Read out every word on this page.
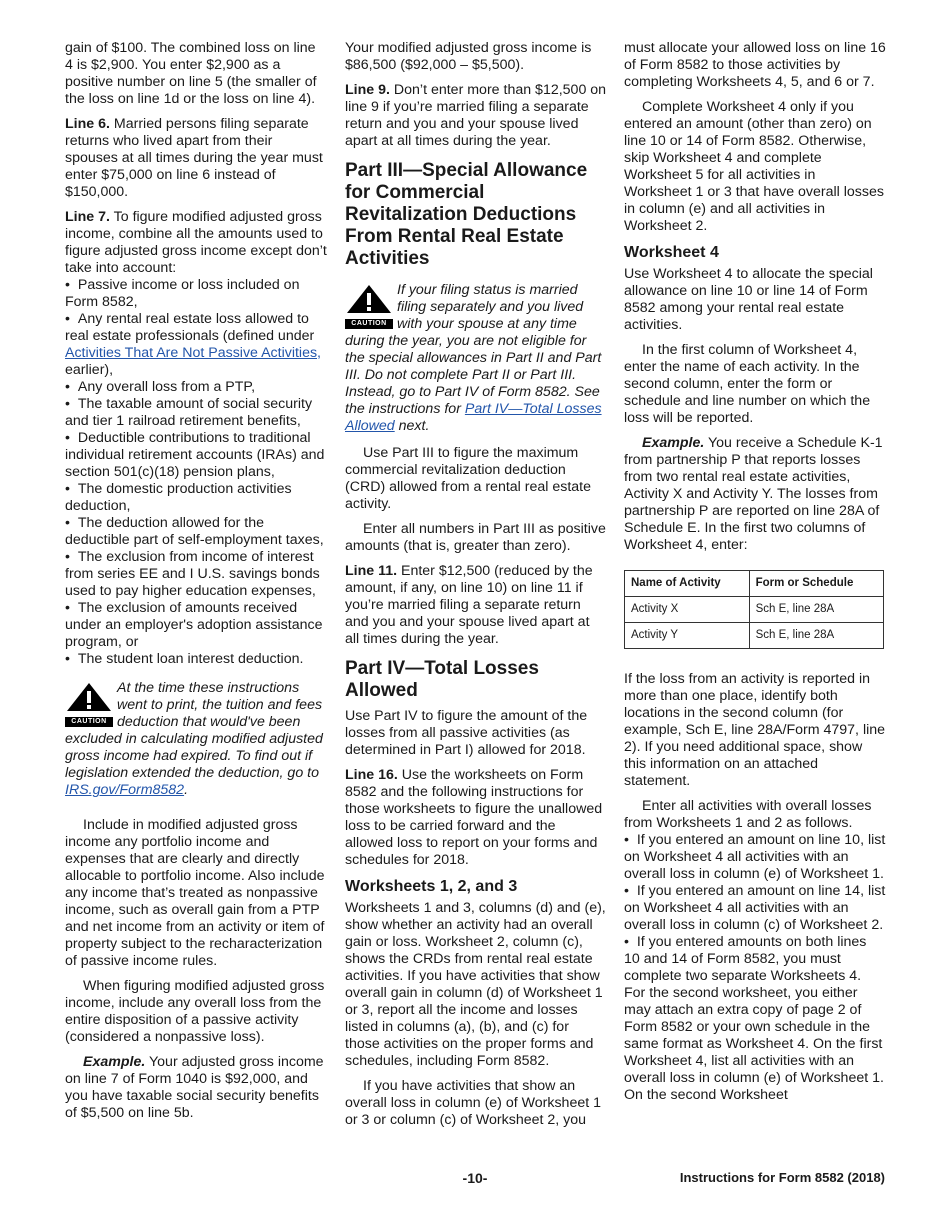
gain of $100. The combined loss on line 4 is $2,900. You enter $2,900 as a positive number on line 5 (the smaller of the loss on line 1d or the loss on line 4).

Line 6. Married persons filing separate returns who lived apart from their spouses at all times during the year must enter $75,000 on line 6 instead of $150,000.

Line 7. To figure modified adjusted gross income, combine all the amounts used to figure adjusted gross income except don’t take into account:

•  Passive income or loss included on Form 8582,
•  Any rental real estate loss allowed to real estate professionals (defined under Activities That Are Not Passive Activities, earlier),
•  Any overall loss from a PTP,
•  The taxable amount of social security and tier 1 railroad retirement benefits,
•  Deductible contributions to traditional individual retirement accounts (IRAs) and section 501(c)(18) pension plans,
•  The domestic production activities deduction,
•  The deduction allowed for the deductible part of self-employment taxes,
•  The exclusion from income of interest from series EE and I U.S. savings bonds used to pay higher education expenses,
•  The exclusion of amounts received under an employer's adoption assistance program, or
•  The student loan interest deduction.
CAUTION
At the time these instructions went to print, the tuition and fees deduction that would've been excluded in calculating modified adjusted gross income had expired. To find out if legislation extended the deduction, go to IRS.gov/Form8582.

Include in modified adjusted gross income any portfolio income and expenses that are clearly and directly allocable to portfolio income. Also include any income that’s treated as nonpassive income, such as overall gain from a PTP and net income from an activity or item of property subject to the recharacterization of passive income rules.

When figuring modified adjusted gross income, include any overall loss from the entire disposition of a passive activity (considered a nonpassive loss).

Example. Your adjusted gross income on line 7 of Form 1040 is $92,000, and you have taxable social security benefits of $5,500 on line 5b.

Your modified adjusted gross income is $86,500 ($92,000 – $5,500).

Line 9. Don’t enter more than $12,500 on line 9 if you’re married filing a separate return and you and your spouse lived apart at all times during the year.

Part III—Special Allowance for Commercial Revitalization Deductions From Rental Real Estate Activities
CAUTION
If your filing status is married filing separately and you lived with your spouse at any time during the year, you are not eligible for the special allowances in Part II and Part III. Do not complete Part II or Part III. Instead, go to Part IV of Form 8582. See the instructions for Part IV—Total Losses Allowed next.

Use Part III to figure the maximum commercial revitalization deduction (CRD) allowed from a rental real estate activity.

Enter all numbers in Part III as positive amounts (that is, greater than zero).

Line 11. Enter $12,500 (reduced by the amount, if any, on line 10) on line 11 if you’re married filing a separate return and you and your spouse lived apart at all times during the year.

Part IV—Total Losses Allowed

Use Part IV to figure the amount of the losses from all passive activities (as determined in Part I) allowed for 2018.

Line 16. Use the worksheets on Form 8582 and the following instructions for those worksheets to figure the unallowed loss to be carried forward and the allowed loss to report on your forms and schedules for 2018.

Worksheets 1, 2, and 3

Worksheets 1 and 3, columns (d) and (e), show whether an activity had an overall gain or loss. Worksheet 2, column (c), shows the CRDs from rental real estate activities. If you have activities that show overall gain in column (d) of Worksheet 1 or 3, report all the income and losses listed in columns (a), (b), and (c) for those activities on the proper forms and schedules, including Form 8582.

If you have activities that show an overall loss in column (e) of Worksheet 1 or 3 or column (c) of Worksheet 2, you

must allocate your allowed loss on line 16 of Form 8582 to those activities by completing Worksheets 4, 5, and 6 or 7.

Complete Worksheet 4 only if you entered an amount (other than zero) on line 10 or 14 of Form 8582. Otherwise, skip Worksheet 4 and complete Worksheet 5 for all activities in Worksheet 1 or 3 that have overall losses in column (e) and all activities in Worksheet 2.

Worksheet 4

Use Worksheet 4 to allocate the special allowance on line 10 or line 14 of Form 8582 among your rental real estate activities.

In the first column of Worksheet 4, enter the name of each activity. In the second column, enter the form or schedule and line number on which the loss will be reported.

Example. You receive a Schedule K-1 from partnership P that reports losses from two rental real estate activities, Activity X and Activity Y. The losses from partnership P are reported on line 28A of Schedule E. In the first two columns of Worksheet 4, enter:

Name of Activity	Form or Schedule
Activity X	Sch E, line 28A
Activity Y	Sch E, line 28A

If the loss from an activity is reported in more than one place, identify both locations in the second column (for example, Sch E, line 28A/Form 4797, line 2). If you need additional space, show this information on an attached statement.

Enter all activities with overall losses from Worksheets 1 and 2 as follows.

•  If you entered an amount on line 10, list on Worksheet 4 all activities with an overall loss in column (e) of Worksheet 1.
•  If you entered an amount on line 14, list on Worksheet 4 all activities with an overall loss in column (c) of Worksheet 2.
•  If you entered amounts on both lines 10 and 14 of Form 8582, you must complete two separate Worksheets 4. For the second worksheet, you either may attach an extra copy of page 2 of Form 8582 or your own schedule in the same format as Worksheet 4. On the first Worksheet 4, list all activities with an overall loss in column (e) of Worksheet 1. On the second Worksheet
-10-	Instructions for Form 8582 (2018)
